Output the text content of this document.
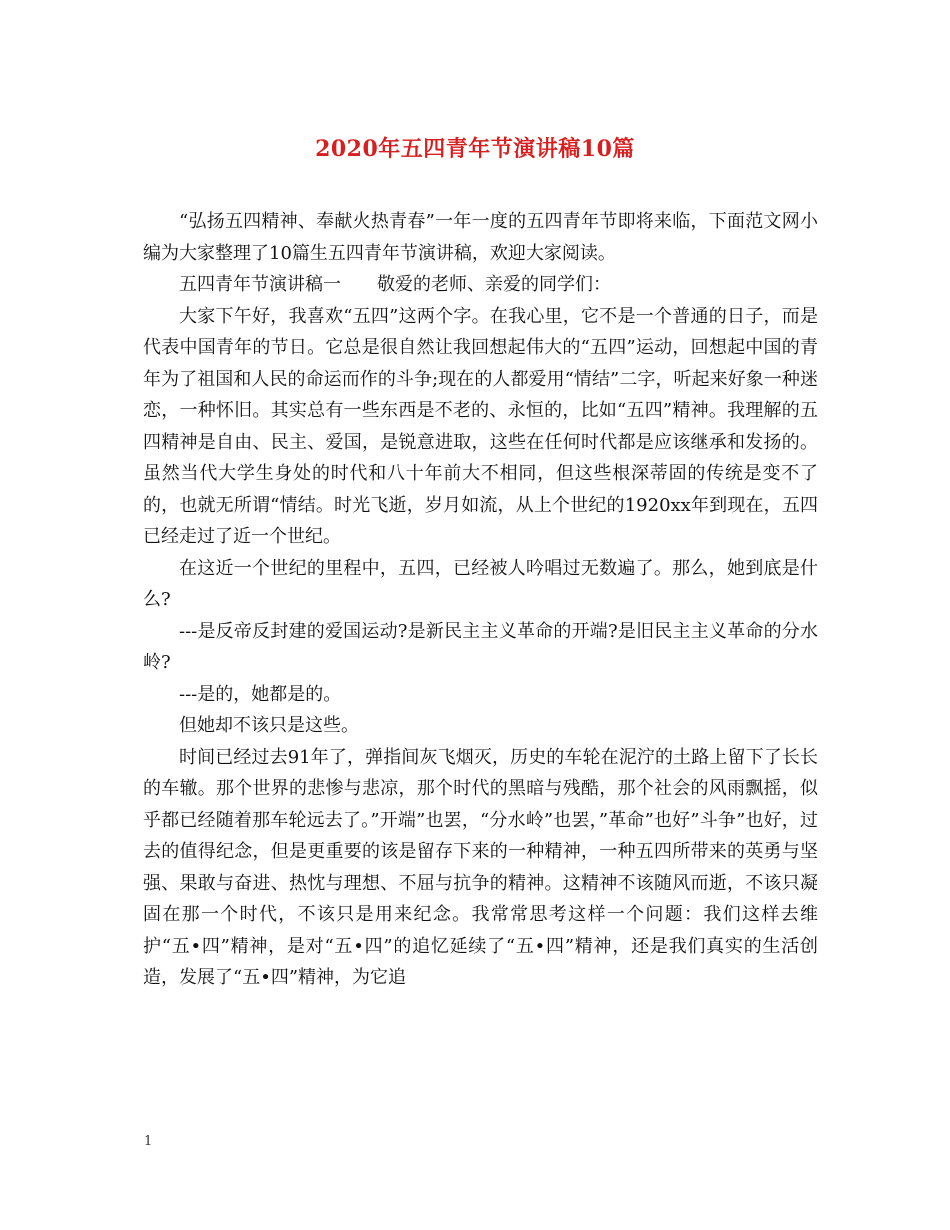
2020年五四青年节演讲稿10篇

“弘扬五四精神、奉献火热青春”一年一度的五四青年节即将来临，下面范文网小编为大家整理了10篇生五四青年节演讲稿，欢迎大家阅读。

五四青年节演讲稿一　　敬爱的老师、亲爱的同学们：

大家下午好，我喜欢“五四”这两个字。在我心里，它不是一个普通的日子，而是代表中国青年的节日。它总是很自然让我回想起伟大的“五四”运动，回想起中国的青年为了祖国和人民的命运而作的斗争;现在的人都爱用“情结”二字，听起来好象一种迷恋，一种怀旧。其实总有一些东西是不老的、永恒的，比如“五四”精神。我理解的五四精神是自由、民主、爱国，是锐意进取，这些在任何时代都是应该继承和发扬的。虽然当代大学生身处的时代和八十年前大不相同，但这些根深蒂固的传统是变不了的，也就无所谓“情结。时光飞逝，岁月如流，从上个世纪的1920xx年到现在，五四已经走过了近一个世纪。

在这近一个世纪的里程中，五四，已经被人吟唱过无数遍了。那么，她到底是什么?

---是反帝反封建的爱国运动?是新民主主义革命的开端?是旧民主主义革命的分水岭?

---是的，她都是的。

但她却不该只是这些。

时间已经过去91年了，弹指间灰飞烟灭，历史的车轮在泥泞的土路上留下了长长的车辙。那个世界的悲惨与悲凉，那个时代的黑暗与残酷，那个社会的风雨飘摇，似乎都已经随着那车轮远去了。”开端”也罢，“分水岭”也罢，”革命”也好”斗争”也好，过去的值得纪念，但是更重要的该是留存下来的一种精神，一种五四所带来的英勇与坚强、果敢与奋进、热忱与理想、不屈与抗争的精神。这精神不该随风而逝，不该只凝固在那一个时代，不该只是用来纪念。我常常思考这样一个问题：我们这样去维护“五•四”精神，是对“五•四”的追忆延续了“五•四”精神，还是我们真实的生活创造，发展了“五•四”精神，为它追

1
